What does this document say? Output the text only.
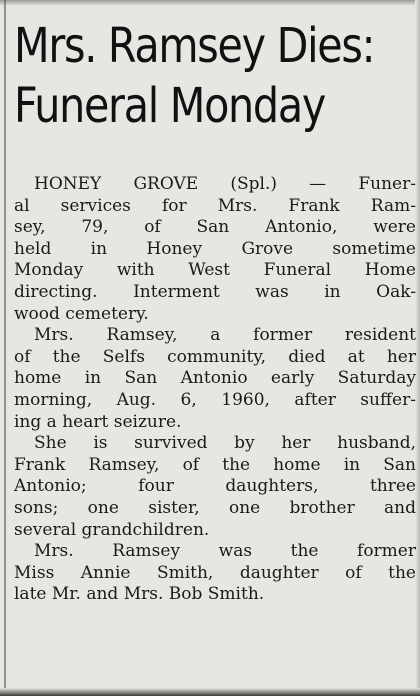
Mrs. Ramsey Dies:
Funeral Monday
HONEY GROVE (Spl.) — Funer-
al services for Mrs. Frank Ram-
sey, 79, of San Antonio, were
held in Honey Grove sometime
Monday with West Funeral Home
directing. Interment was in Oak-
wood cemetery.
Mrs. Ramsey, a former resident
of the Selfs community, died at her
home in San Antonio early Saturday
morning, Aug. 6, 1960, after suffer-
ing a heart seizure.
She is survived by her husband,
Frank Ramsey, of the home in San
Antonio; four daughters, three
sons; one sister, one brother and
several grandchildren.
Mrs. Ramsey was the former
Miss Annie Smith, daughter of the
late Mr. and Mrs. Bob Smith.
